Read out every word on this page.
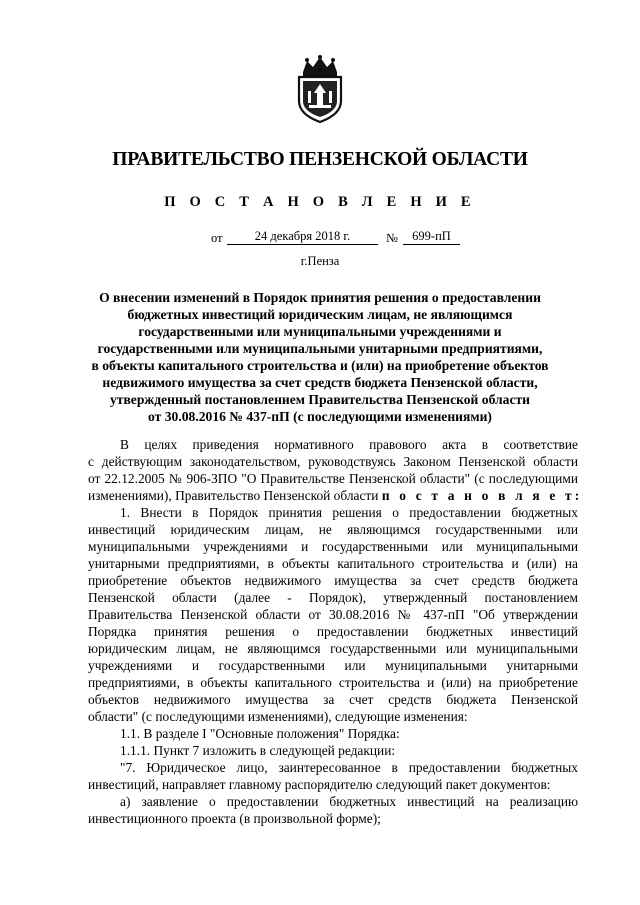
ПРАВИТЕЛЬСТВО ПЕНЗЕНСКОЙ ОБЛАСТИ
П О С Т А Н О В Л Е Н И Е
от	24 декабря 2018 г.	№	699-пП
г.Пенза
О внесении изменений в Порядок принятия решения о предоставлении
бюджетных инвестиций юридическим лицам, не являющимся
государственными или муниципальными учреждениями и
государственными или муниципальными унитарными предприятиями,
в объекты капитального строительства и (или) на приобретение объектов
недвижимого имущества за счет средств бюджета Пензенской области,
утвержденный постановлением Правительства Пензенской области
от 30.08.2016 № 437-пП (с последующими изменениями)
В целях приведения нормативного правового акта в соответствие
с действующим законодательством, руководствуясь Законом Пензенской области
от 22.12.2005 № 906-ЗПО "О Правительстве Пензенской области" (с последующими
изменениями), Правительство Пензенской области п о с т а н о в л я е т:
1. Внести в Порядок принятия решения о предоставлении бюджетных
инвестиций юридическим лицам, не являющимся государственными или
муниципальными учреждениями и государственными или муниципальными
унитарными предприятиями, в объекты капитального строительства и (или) на
приобретение объектов недвижимого имущества за счет средств бюджета
Пензенской области (далее - Порядок), утвержденный постановлением
Правительства Пензенской области от 30.08.2016 № 437-пП "Об утверждении
Порядка принятия решения о предоставлении бюджетных инвестиций
юридическим лицам, не являющимся государственными или муниципальными
учреждениями и государственными или муниципальными унитарными
предприятиями, в объекты капитального строительства и (или) на приобретение
объектов недвижимого имущества за счет средств бюджета Пензенской
области" (с последующими изменениями), следующие изменения:
1.1. В разделе I "Основные положения" Порядка:
1.1.1. Пункт 7 изложить в следующей редакции:
"7. Юридическое лицо, заинтересованное в предоставлении бюджетных
инвестиций, направляет главному распорядителю следующий пакет документов:
а) заявление о предоставлении бюджетных инвестиций на реализацию
инвестиционного проекта (в произвольной форме);
